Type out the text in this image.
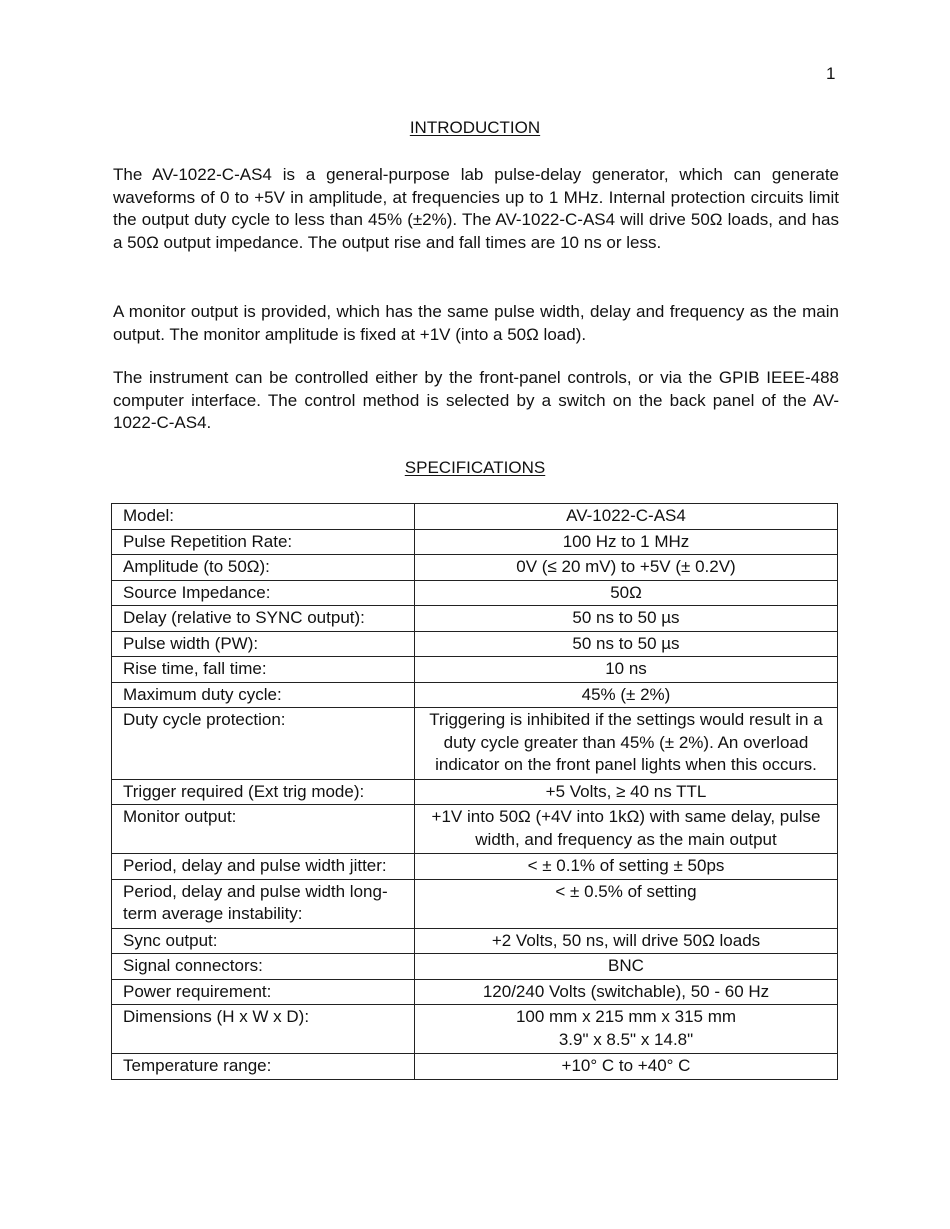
1
INTRODUCTION

The AV-1022-C-AS4 is a general-purpose lab pulse-delay generator, which can generate waveforms of 0 to +5V in amplitude, at frequencies up to 1 MHz. Internal protection circuits limit the output duty cycle to less than 45% (±2%). The AV-1022-C-AS4 will drive 50Ω loads, and has a 50Ω output impedance. The output rise and fall times are 10 ns or less.

A monitor output is provided, which has the same pulse width, delay and frequency as the main output. The monitor amplitude is fixed at +1V (into a 50Ω load).

The instrument can be controlled either by the front-panel controls, or via the GPIB IEEE-488 computer interface. The control method is selected by a switch on the back panel of the AV-1022-C-AS4.

SPECIFICATIONS
Model:	AV-1022-C-AS4
Pulse Repetition Rate:	100 Hz to 1 MHz
Amplitude (to 50Ω):	0V (≤ 20 mV) to +5V (± 0.2V)
Source Impedance:	50Ω
Delay (relative to SYNC output):	50 ns to 50 µs
Pulse width (PW):	50 ns to 50 µs
Rise time, fall time:	10 ns
Maximum duty cycle:	45% (± 2%)
Duty cycle protection:	Triggering is inhibited if the settings would result in a duty cycle greater than 45% (± 2%). An overload indicator on the front panel lights when this occurs.
Trigger required (Ext trig mode):	+5 Volts, ≥ 40 ns TTL
Monitor output:	+1V into 50Ω (+4V into 1kΩ) with same delay, pulse width, and frequency as the main output
Period, delay and pulse width jitter:	< ± 0.1% of setting ± 50ps
Period, delay and pulse width long-term average instability:	< ± 0.5% of setting
Sync output:	+2 Volts, 50 ns, will drive 50Ω loads
Signal connectors:	BNC
Power requirement:	120/240 Volts (switchable), 50 - 60 Hz
Dimensions (H x W x D):	100 mm x 215 mm x 315 mm
3.9" x 8.5" x 14.8"
Temperature range:	+10° C to +40° C
